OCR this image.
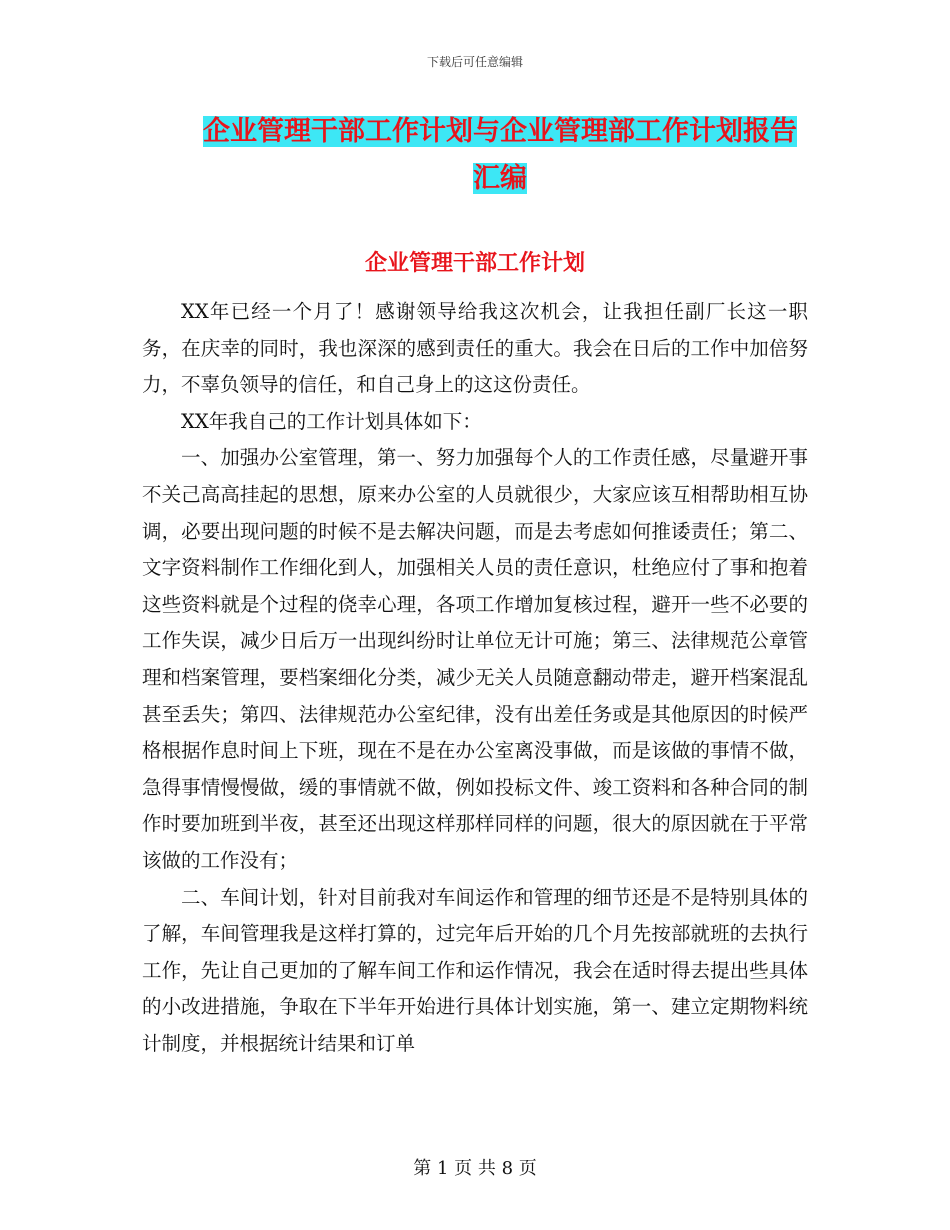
下载后可任意编辑
企业管理干部工作计划与企业管理部工作计划报告汇编
企业管理干部工作计划

XX年已经一个月了！感谢领导给我这次机会，让我担任副厂长这一职务，在庆幸的同时，我也深深的感到责任的重大。我会在日后的工作中加倍努力，不辜负领导的信任，和自己身上的这这份责任。

XX年我自己的工作计划具体如下：

一、加强办公室管理，第一、努力加强每个人的工作责任感，尽量避开事不关己高高挂起的思想，原来办公室的人员就很少，大家应该互相帮助相互协调，必要出现问题的时候不是去解决问题，而是去考虑如何推诿责任；第二、文字资料制作工作细化到人，加强相关人员的责任意识，杜绝应付了事和抱着这些资料就是个过程的侥幸心理，各项工作增加复核过程，避开一些不必要的工作失误，减少日后万一出现纠纷时让单位无计可施；第三、法律规范公章管理和档案管理，要档案细化分类，减少无关人员随意翻动带走，避开档案混乱甚至丢失；第四、法律规范办公室纪律，没有出差任务或是其他原因的时候严格根据作息时间上下班，现在不是在办公室离没事做，而是该做的事情不做，急得事情慢慢做，缓的事情就不做，例如投标文件、竣工资料和各种合同的制作时要加班到半夜，甚至还出现这样那样同样的问题，很大的原因就在于平常该做的工作没有；

二、车间计划，针对目前我对车间运作和管理的细节还是不是特别具体的了解，车间管理我是这样打算的，过完年后开始的几个月先按部就班的去执行工作，先让自己更加的了解车间工作和运作情况，我会在适时得去提出些具体的小改进措施，争取在下半年开始进行具体计划实施，第一、建立定期物料统计制度，并根据统计结果和订单

第 1 页 共 8 页
